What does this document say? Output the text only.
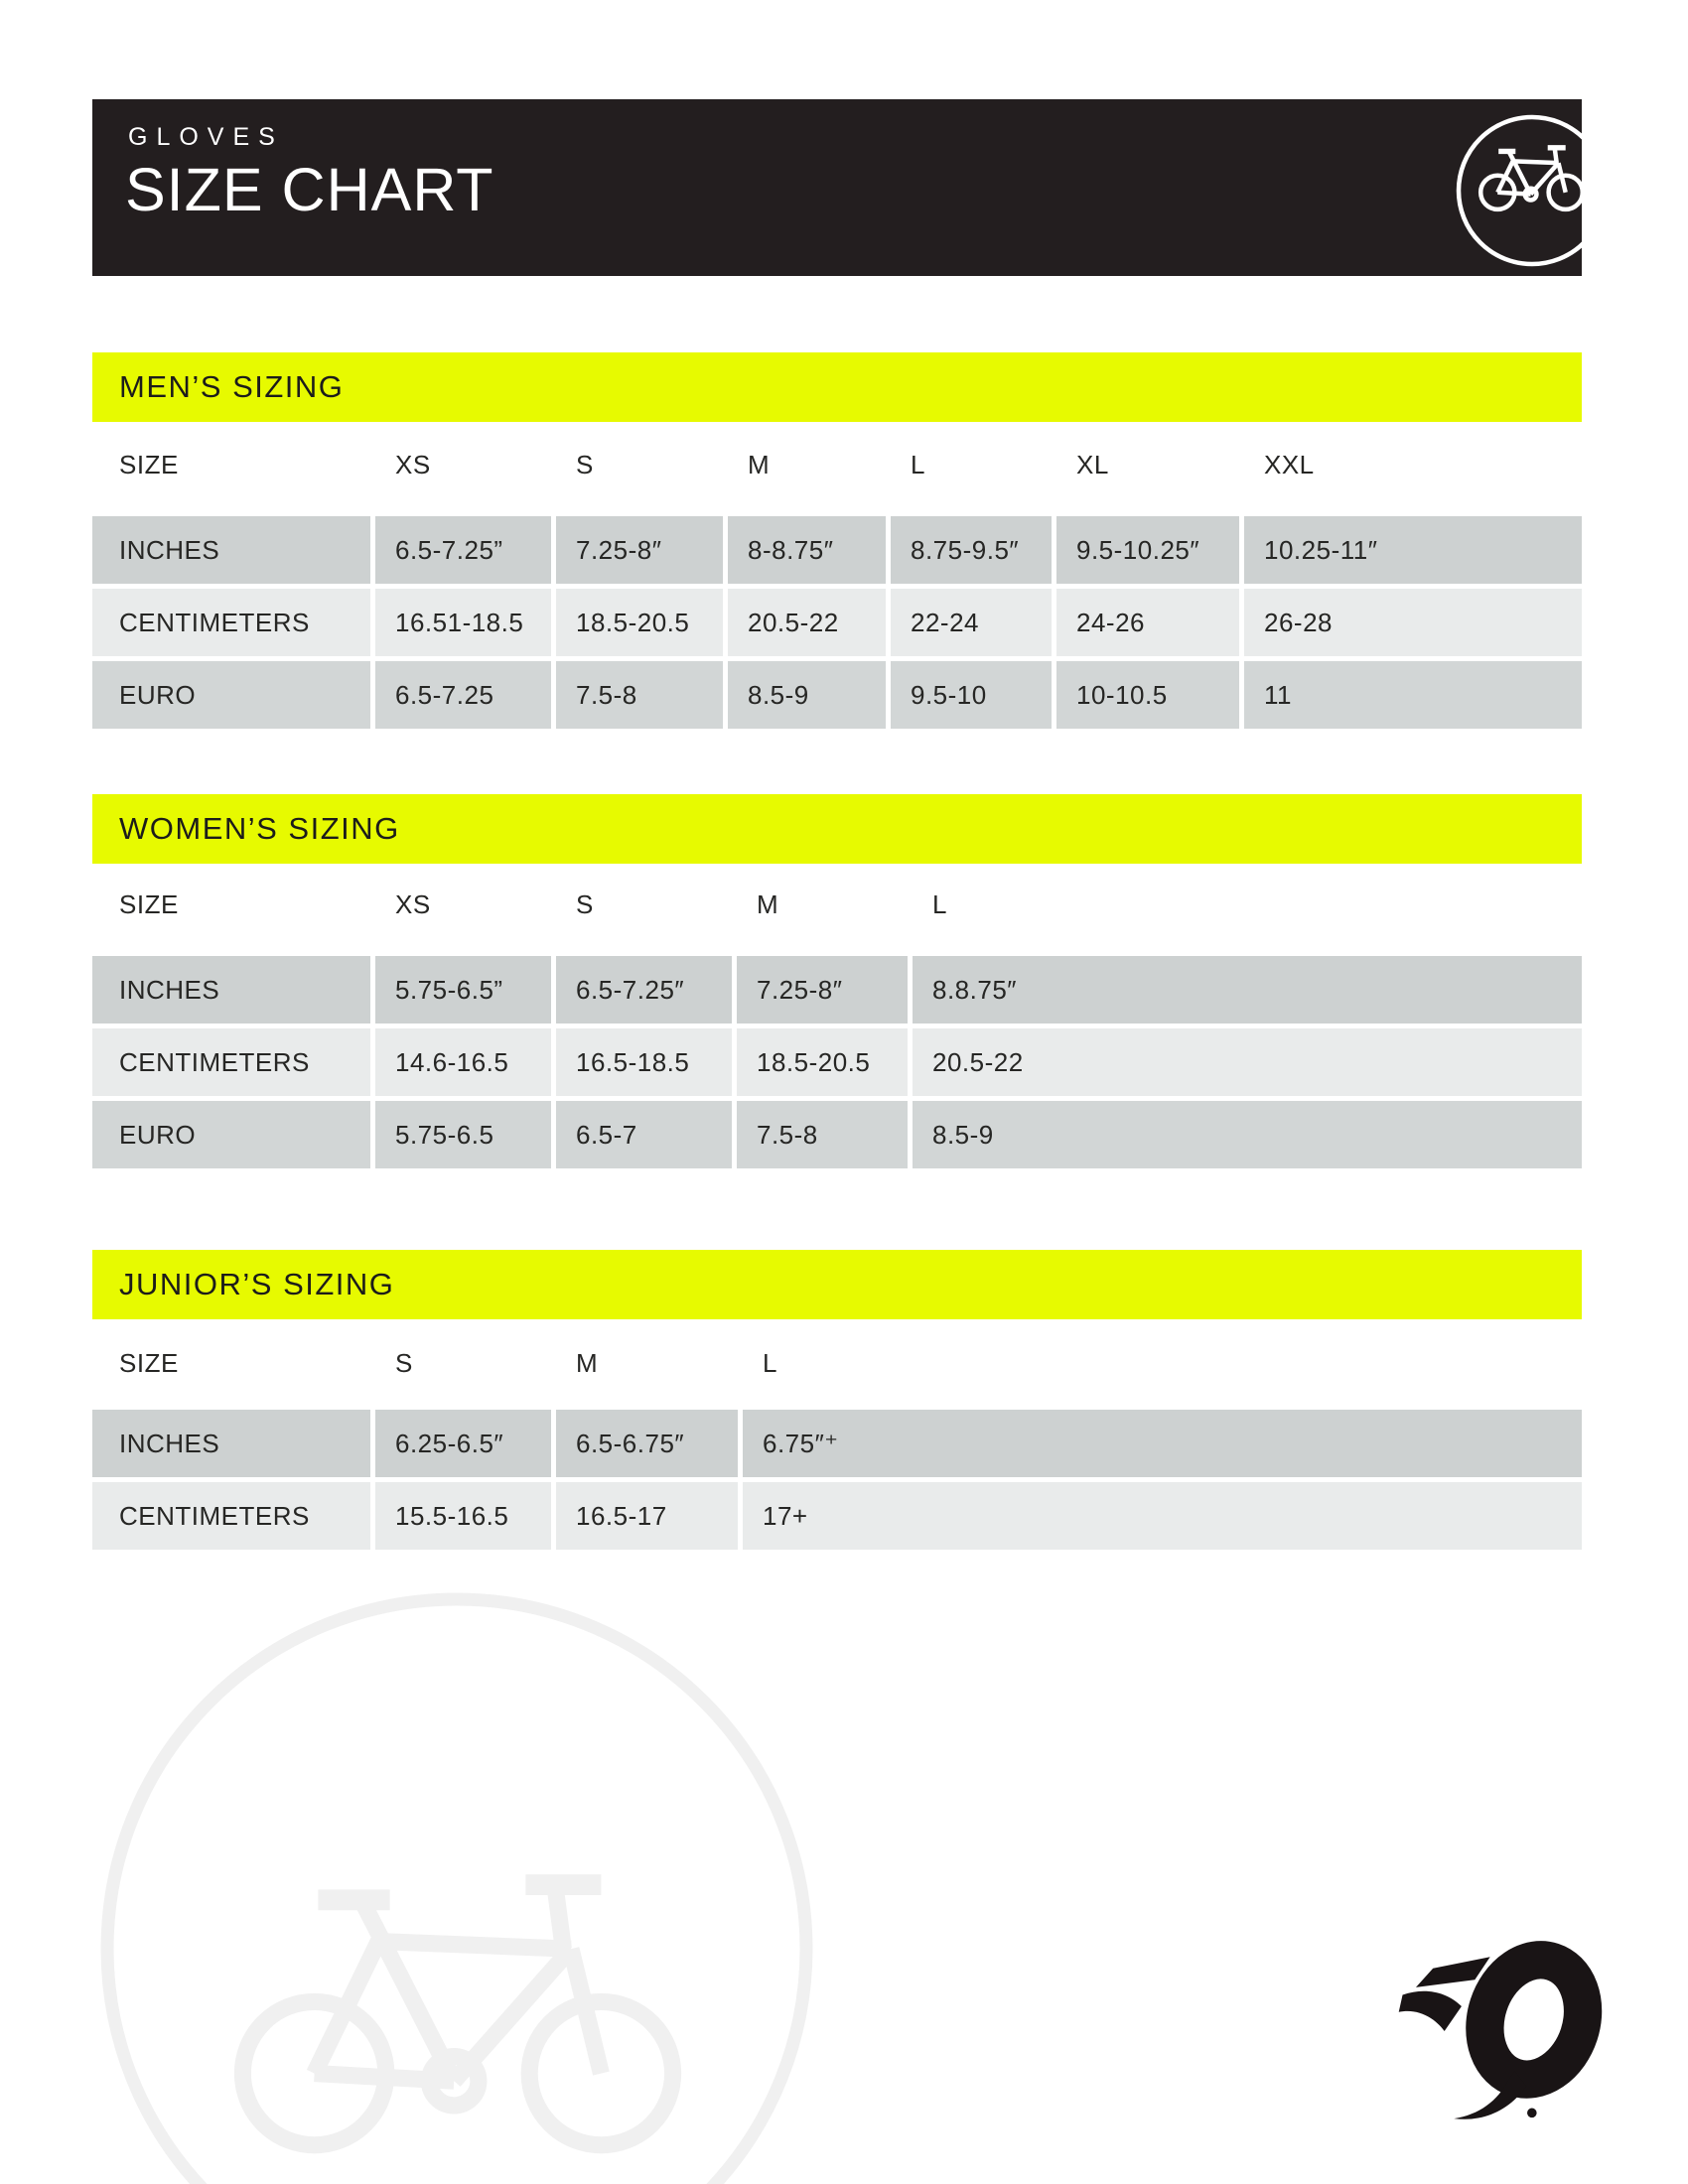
GLOVES
SIZE CHART
MEN’S SIZING
SIZE	XS	S	M	L	XL	XXL
INCHES	6.5-7.25”	7.25-8″	8-8.75″	8.75-9.5″	9.5-10.25″	10.25-11″
CENTIMETERS	16.51-18.5	18.5-20.5	20.5-22	22-24	24-26	26-28
EURO	6.5-7.25	7.5-8	8.5-9	9.5-10	10-10.5	11
WOMEN’S SIZING
SIZE	XS	S	M	L
INCHES	5.75-6.5”	6.5-7.25″	7.25-8″	8.8.75″
CENTIMETERS	14.6-16.5	16.5-18.5	18.5-20.5	20.5-22
EURO	5.75-6.5	6.5-7	7.5-8	8.5-9
JUNIOR’S SIZING
SIZE	S	M	L
INCHES	6.25-6.5″	6.5-6.75″	6.75″⁺
CENTIMETERS	15.5-16.5	16.5-17	17+
